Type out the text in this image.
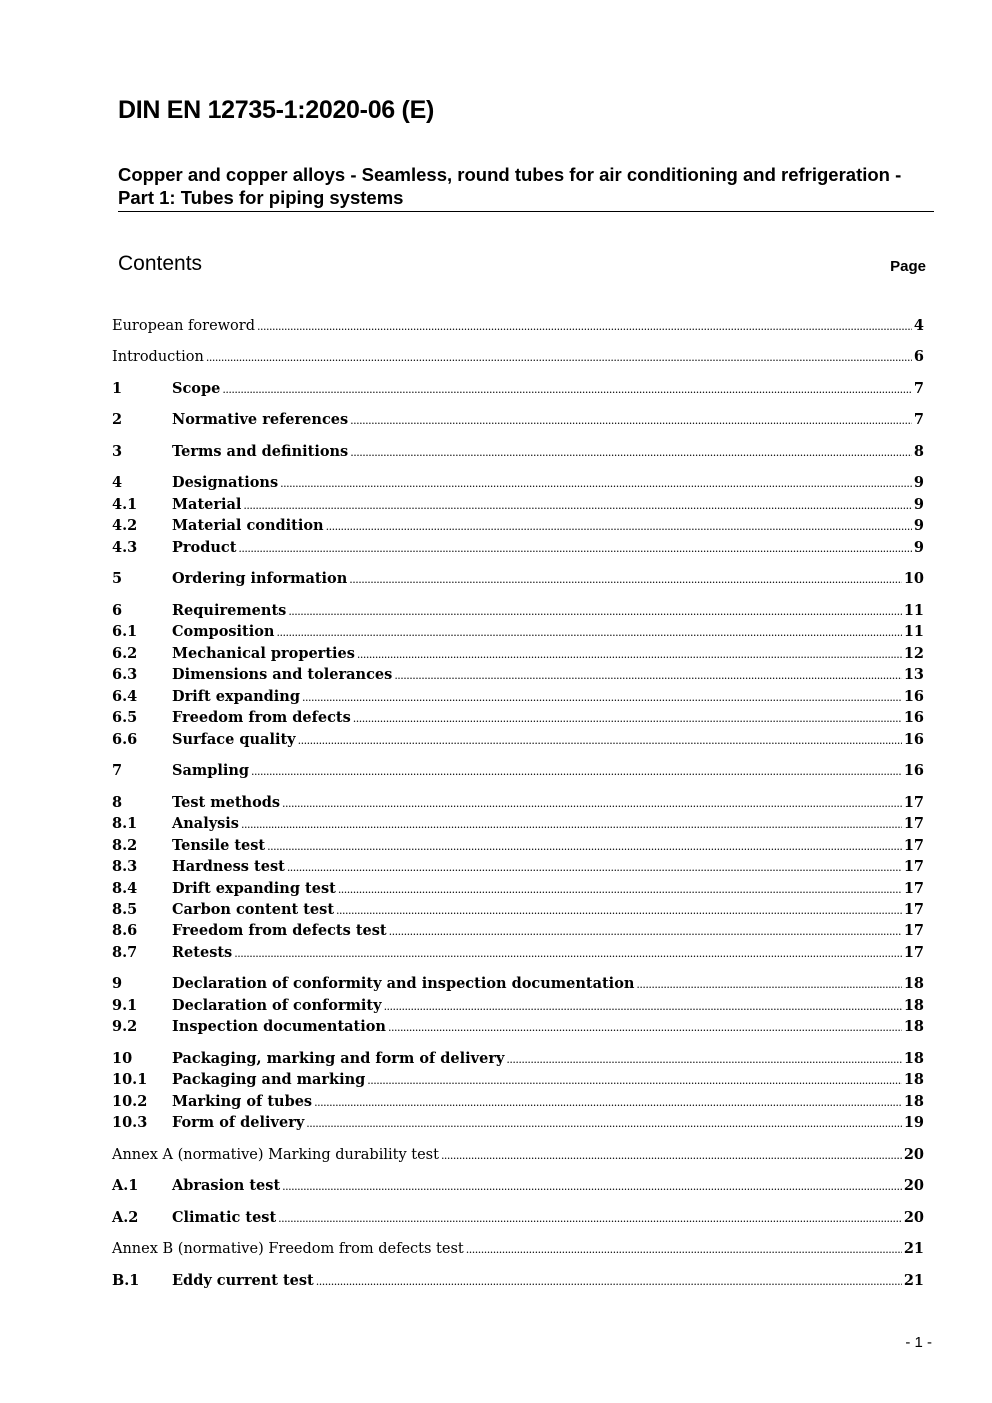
DIN EN 12735-1:2020-06 (E)
Copper and copper alloys - Seamless, round tubes for air conditioning and refrigeration - Part 1: Tubes for piping systems
Contents	Page
European foreword .....	4
Introduction .....	6
1	Scope .....	7
2	Normative references .....	7
3	Terms and definitions .....	8
4	Designations .....	9
4.1	Material .....	9
4.2	Material condition .....	9
4.3	Product .....	9
5	Ordering information .....	10
6	Requirements .....	11
6.1	Composition .....	11
6.2	Mechanical properties .....	12
6.3	Dimensions and tolerances .....	13
6.4	Drift expanding .....	16
6.5	Freedom from defects .....	16
6.6	Surface quality .....	16
7	Sampling .....	16
8	Test methods .....	17
8.1	Analysis .....	17
8.2	Tensile test .....	17
8.3	Hardness test .....	17
8.4	Drift expanding test .....	17
8.5	Carbon content test .....	17
8.6	Freedom from defects test .....	17
8.7	Retests .....	17
9	Declaration of conformity and inspection documentation .....	18
9.1	Declaration of conformity .....	18
9.2	Inspection documentation .....	18
10	Packaging, marking and form of delivery .....	18
10.1	Packaging and marking .....	18
10.2	Marking of tubes .....	18
10.3	Form of delivery .....	19
Annex A (normative) Marking durability test .....	20
A.1	Abrasion test .....	20
A.2	Climatic test .....	20
Annex B (normative) Freedom from defects test .....	21
B.1	Eddy current test .....	21
- 1 -
